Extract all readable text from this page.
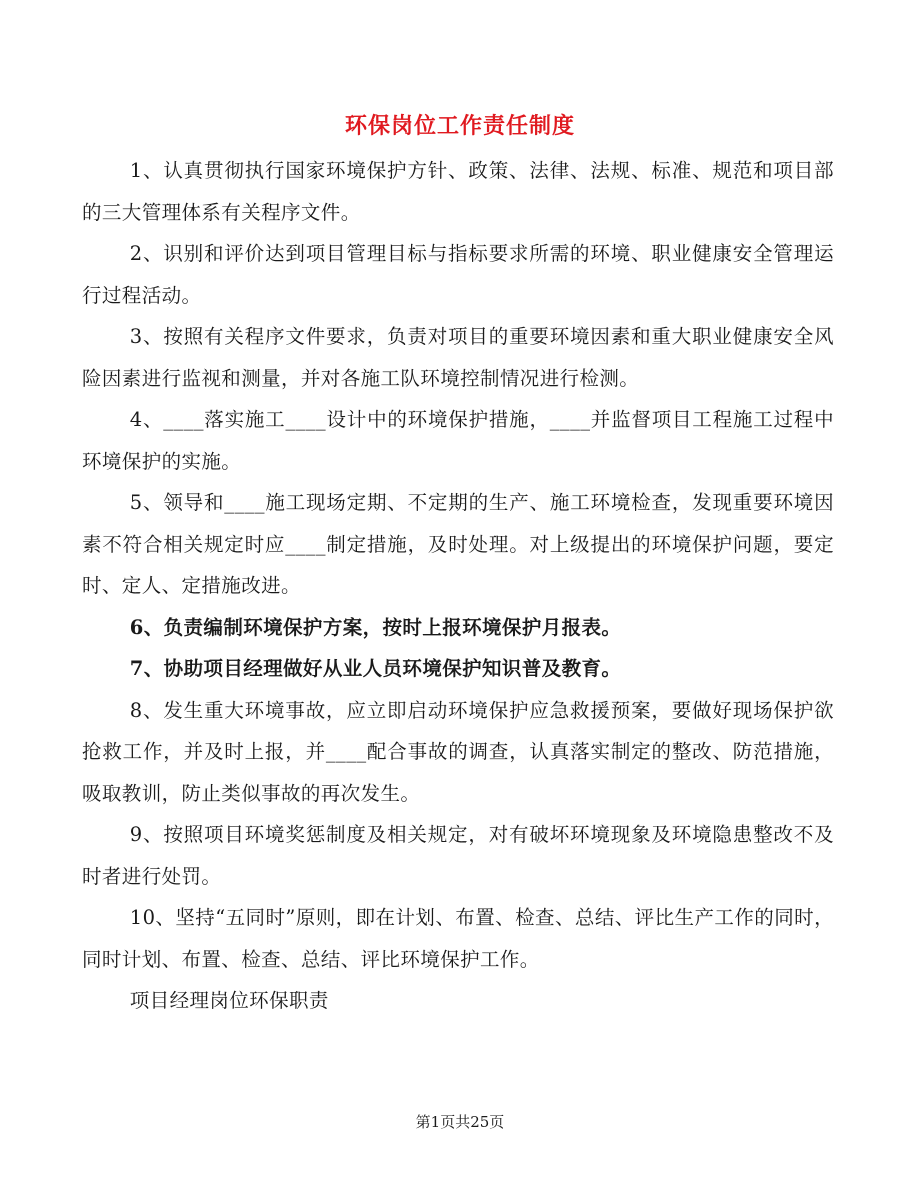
环保岗位工作责任制度

1、认真贯彻执行国家环境保护方针、政策、法律、法规、标准、规范和项目部的三大管理体系有关程序文件。

2、识别和评价达到项目管理目标与指标要求所需的环境、职业健康安全管理运行过程活动。

3、按照有关程序文件要求，负责对项目的重要环境因素和重大职业健康安全风险因素进行监视和测量，并对各施工队环境控制情况进行检测。

4、____落实施工____设计中的环境保护措施，____并监督项目工程施工过程中环境保护的实施。

5、领导和____施工现场定期、不定期的生产、施工环境检查，发现重要环境因素不符合相关规定时应____制定措施，及时处理。对上级提出的环境保护问题，要定时、定人、定措施改进。

6、负责编制环境保护方案，按时上报环境保护月报表。

7、协助项目经理做好从业人员环境保护知识普及教育。

8、发生重大环境事故，应立即启动环境保护应急救援预案，要做好现场保护欲抢救工作，并及时上报，并____配合事故的调查，认真落实制定的整改、防范措施，吸取教训，防止类似事故的再次发生。

9、按照项目环境奖惩制度及相关规定，对有破坏环境现象及环境隐患整改不及时者进行处罚。

10、坚持“五同时”原则，即在计划、布置、检查、总结、评比生产工作的同时，同时计划、布置、检查、总结、评比环境保护工作。

项目经理岗位环保职责

第1页共25页
